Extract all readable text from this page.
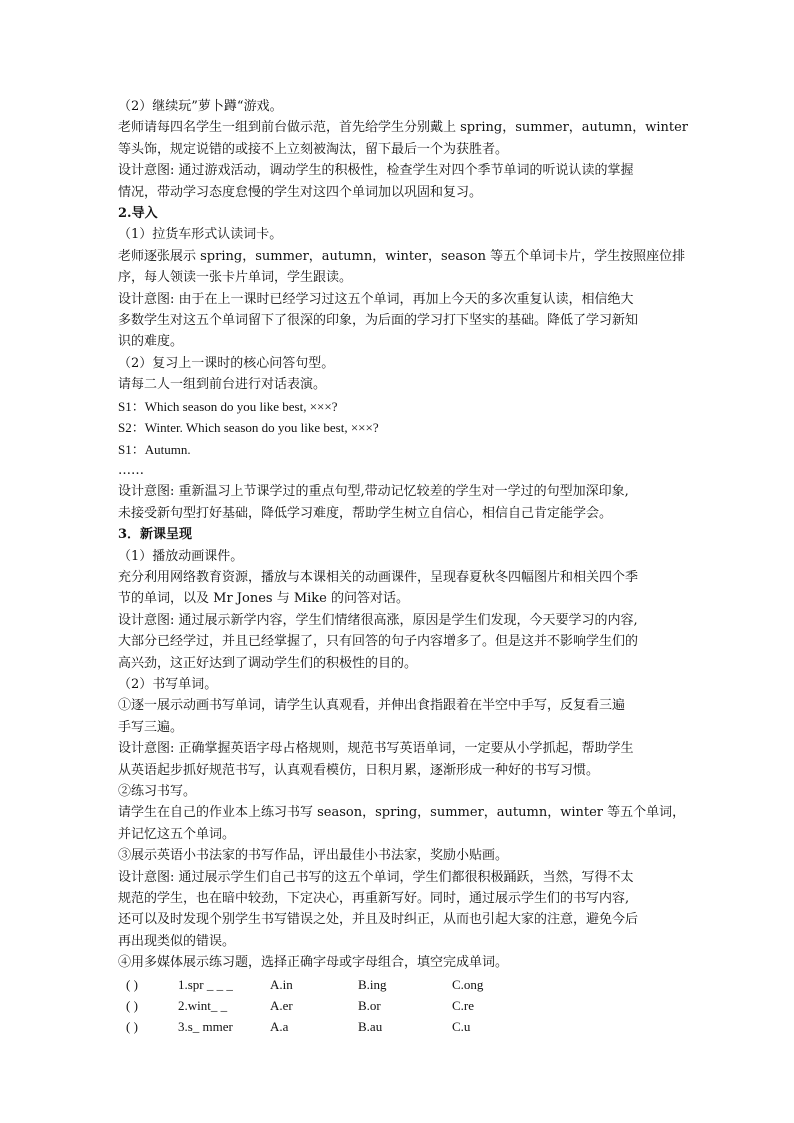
（2）继续玩”萝卜蹲“游戏。
老师请每四名学生一组到前台做示范，首先给学生分别戴上 spring，summer，autumn，winter
等头饰，规定说错的或接不上立刻被淘汰，留下最后一个为获胜者。
设计意图: 通过游戏活动，调动学生的积极性，检查学生对四个季节单词的听说认读的掌握
情况，带动学习态度怠慢的学生对这四个单词加以巩固和复习。
2.导入
（1）拉货车形式认读词卡。
老师逐张展示 spring，summer，autumn，winter，season 等五个单词卡片，学生按照座位排
序，每人领读一张卡片单词，学生跟读。
设计意图: 由于在上一课时已经学习过这五个单词，再加上今天的多次重复认读，相信绝大
多数学生对这五个单词留下了很深的印象，为后面的学习打下坚实的基础。降低了学习新知
识的难度。
（2）复习上一课时的核心问答句型。
请每二人一组到前台进行对话表演。
S1：Which season do you like best, ×××?
S2：Winter. Which season do you like best, ×××?
S1：Autumn.
……
设计意图: 重新温习上节课学过的重点句型,带动记忆较差的学生对一学过的句型加深印象,
未接受新句型打好基础，降低学习难度，帮助学生树立自信心，相信自己肯定能学会。
3．新课呈现
（1）播放动画课件。
充分利用网络教育资源，播放与本课相关的动画课件，呈现春夏秋冬四幅图片和相关四个季
节的单词，以及 Mr Jones 与 Mike 的问答对话。
设计意图: 通过展示新学内容，学生们情绪很高涨，原因是学生们发现，今天要学习的内容,
大部分已经学过，并且已经掌握了，只有回答的句子内容增多了。但是这并不影响学生们的
高兴劲，这正好达到了调动学生们的积极性的目的。
（2）书写单词。
①逐一展示动画书写单词，请学生认真观看，并伸出食指跟着在半空中手写，反复看三遍
手写三遍。
设计意图: 正确掌握英语字母占格规则，规范书写英语单词，一定要从小学抓起，帮助学生
从英语起步抓好规范书写，认真观看模仿，日积月累，逐渐形成一种好的书写习惯。
②练习书写。
请学生在自己的作业本上练习书写 season，spring，summer，autumn，winter 等五个单词，
并记忆这五个单词。
③展示英语小书法家的书写作品，评出最佳小书法家，奖励小贴画。
设计意图: 通过展示学生们自己书写的这五个单词，学生们都很积极踊跃，当然，写得不太
规范的学生，也在暗中较劲，下定决心，再重新写好。同时，通过展示学生们的书写内容,
还可以及时发现个别学生书写错误之处，并且及时纠正，从而也引起大家的注意，避免今后
再出现类似的错误。
④用多媒体展示练习题，选择正确字母或字母组合，填空完成单词。
( )	1.spr _ _ _	A.in	B.ing	C.ong
( )	2.wint_ _	A.er	B.or	C.re
( )	3.s_ mmer	A.a	B.au	C.u
